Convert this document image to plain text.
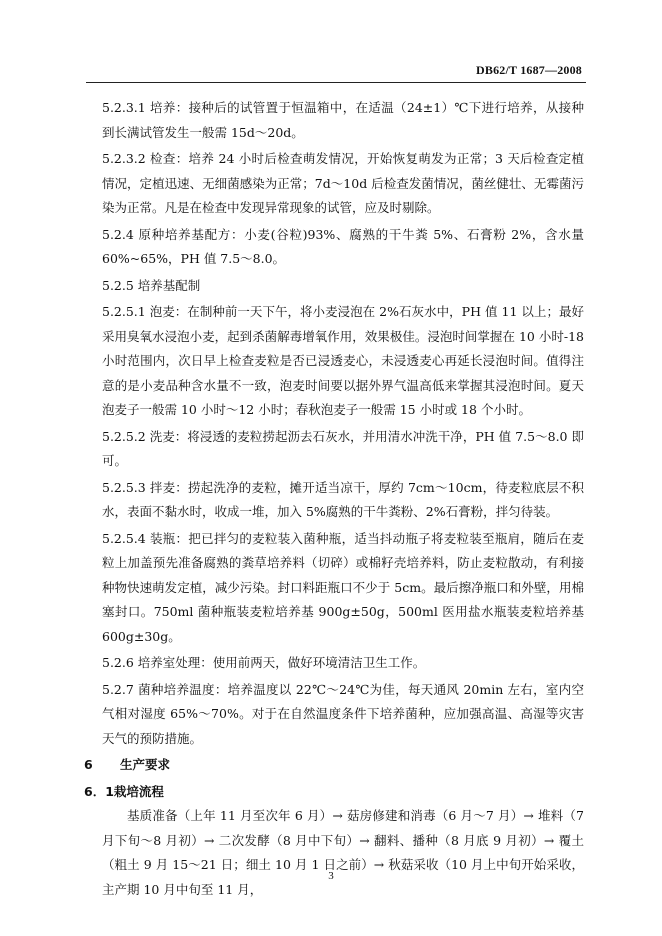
DB62/T 1687—2008

5.2.3.1 培养：接种后的试管置于恒温箱中，在适温（24±1）℃下进行培养，从接种到长满试管发生一般需 15d～20d。

5.2.3.2 检查：培养 24 小时后检查萌发情况，开始恢复萌发为正常；3 天后检查定植情况，定植迅速、无细菌感染为正常；7d～10d 后检查发菌情况，菌丝健壮、无霉菌污染为正常。凡是在检查中发现异常现象的试管，应及时剔除。

5.2.4 原种培养基配方：小麦(谷粒)93%、腐熟的干牛粪 5%、石膏粉 2%，含水量 60%~65%，PH 值 7.5～8.0。

5.2.5 培养基配制

5.2.5.1 泡麦：在制种前一天下午，将小麦浸泡在 2%石灰水中，PH 值 11 以上；最好采用臭氧水浸泡小麦，起到杀菌解毒增氧作用，效果极佳。浸泡时间掌握在 10 小时-18 小时范围内，次日早上检查麦粒是否已浸透麦心，未浸透麦心再延长浸泡时间。值得注意的是小麦品种含水量不一致，泡麦时间要以据外界气温高低来掌握其浸泡时间。夏天泡麦子一般需 10 小时～12 小时；春秋泡麦子一般需 15 小时或 18 个小时。

5.2.5.2 洗麦：将浸透的麦粒捞起沥去石灰水，并用清水冲洗干净，PH 值 7.5～8.0 即可。

5.2.5.3 拌麦：捞起洗净的麦粒，摊开适当凉干，厚约 7cm～10cm，待麦粒底层不积水，表面不黏水时，收成一堆，加入 5%腐熟的干牛粪粉、2%石膏粉，拌匀待装。

5.2.5.4 装瓶：把已拌匀的麦粒装入菌种瓶，适当抖动瓶子将麦粒装至瓶肩，随后在麦粒上加盖预先准备腐熟的粪草培养料（切碎）或棉籽壳培养料，防止麦粒散动，有利接种物快速萌发定植，减少污染。封口料距瓶口不少于 5cm。最后擦净瓶口和外壁，用棉塞封口。750ml 菌种瓶装麦粒培养基 900g±50g，500ml 医用盐水瓶装麦粒培养基 600g±30g。

5.2.6 培养室处理：使用前两天，做好环境清洁卫生工作。

5.2.7 菌种培养温度：培养温度以 22℃～24℃为佳，每天通风 20min 左右，室内空气相对湿度 65%～70%。对于在自然温度条件下培养菌种，应加强高温、高湿等灾害天气的预防措施。

6 生产要求

6．1栽培流程

基质准备（上年 11 月至次年 6 月）→ 菇房修建和消毒（6 月～7 月）→ 堆料（7 月下旬～8 月初）→ 二次发酵（8 月中下旬）→ 翻料、播种（8 月底 9 月初）→ 覆土（粗土 9 月 15～21 日；细土 10 月 1 日之前）→ 秋菇采收（10 月上中旬开始采收，主产期 10 月中旬至 11 月，

3
